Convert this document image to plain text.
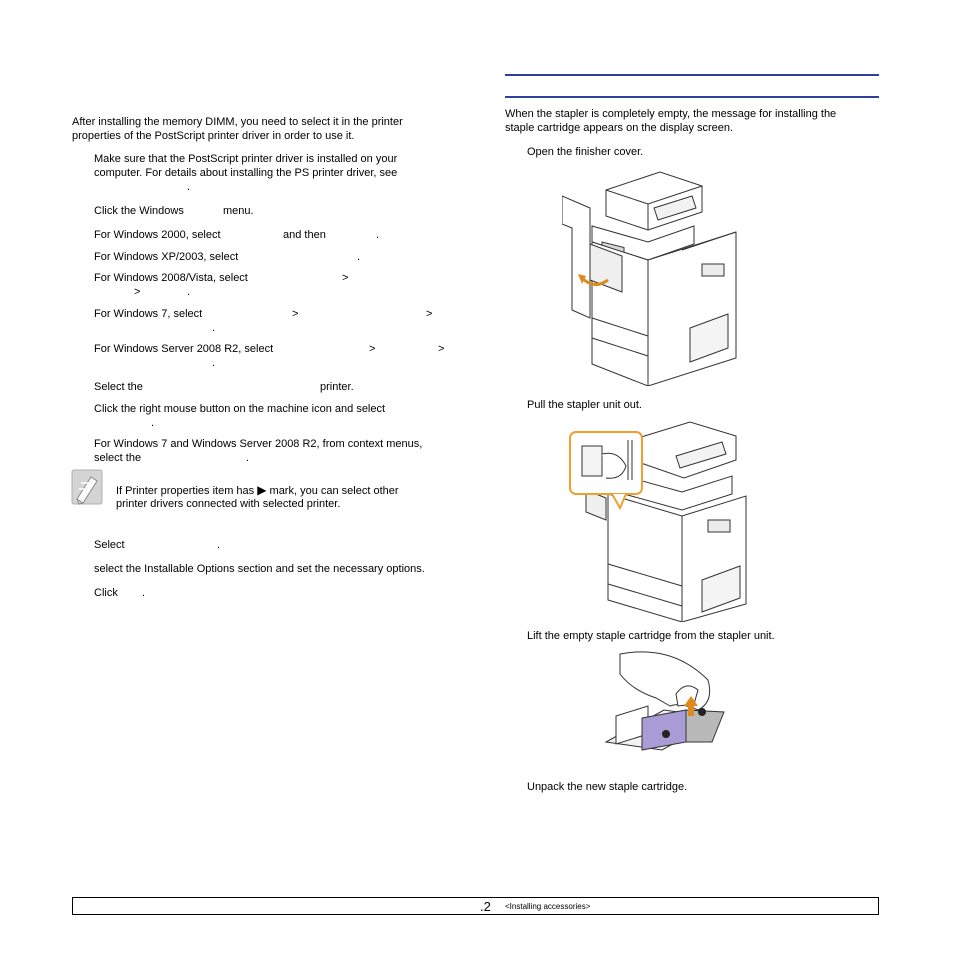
After installing the memory DIMM, you need to select it in the printer
properties of the PostScript printer driver in order to use it.
Make sure that the PostScript printer driver is installed on your
computer. For details about installing the PS printer driver, see
.
Click the Windows	menu.
For Windows 2000, select	and then	.
For Windows XP/2003, select	.
For Windows 2008/Vista, select	>
>	.
For Windows 7, select	>	>
.
For Windows Server 2008 R2, select	>	>
.
Select the	printer.
Click the right mouse button on the machine icon and select
.
For Windows 7 and Windows Server 2008 R2, from context menus,
select the	.
If Printer properties item has ▶ mark, you can select other
printer drivers connected with selected printer.
Select	.
select the Installable Options section and set the necessary options.
Click .
When the stapler is completely empty, the message for installing the
staple cartridge appears on the display screen.
Open the finisher cover.
Pull the stapler unit out.
Lift the empty staple cartridge from the stapler unit.
Unpack the new staple cartridge.
.2 <Installing accessories>
